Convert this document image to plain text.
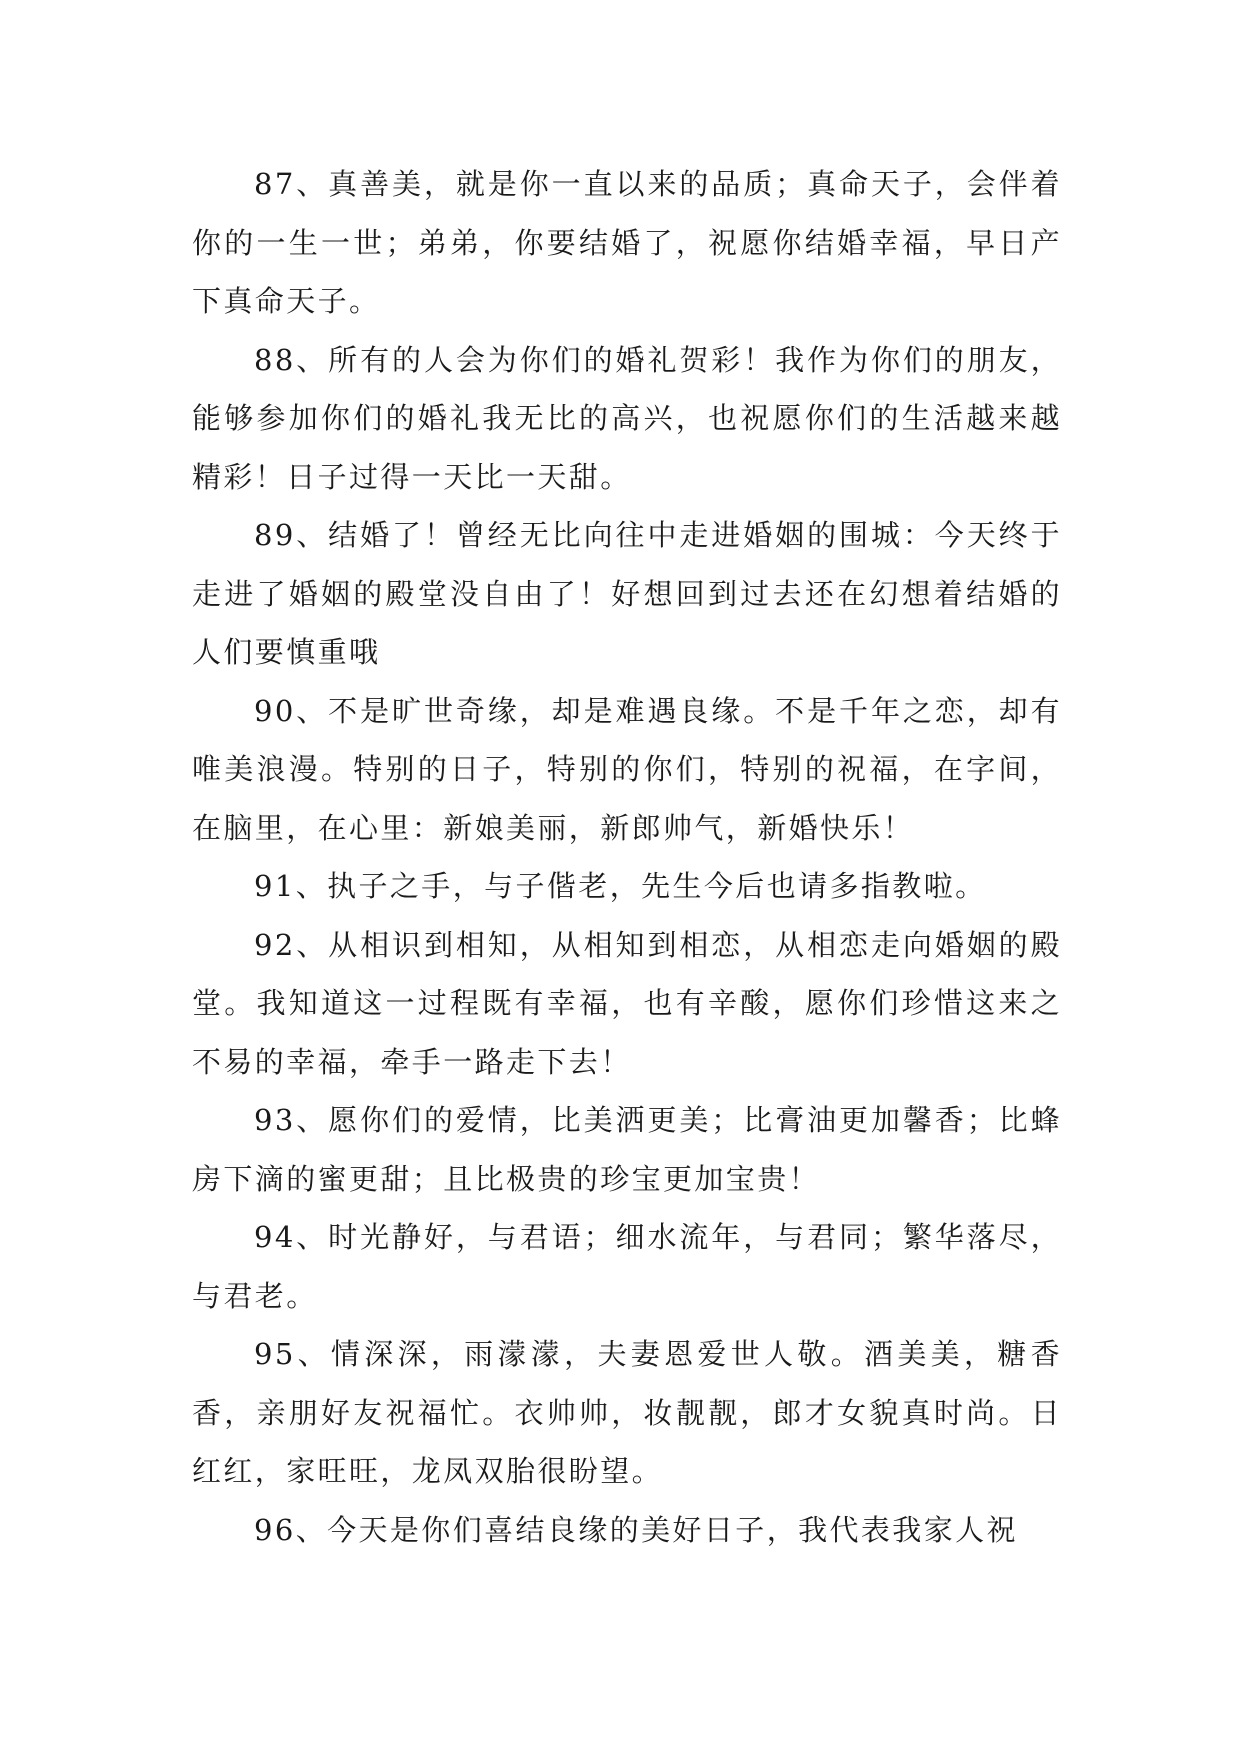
87、真善美，就是你一直以来的品质；真命天子，会伴着你的一生一世；弟弟，你要结婚了，祝愿你结婚幸福，早日产下真命天子。

88、所有的人会为你们的婚礼贺彩！我作为你们的朋友，能够参加你们的婚礼我无比的高兴，也祝愿你们的生活越来越精彩！日子过得一天比一天甜。

89、结婚了！曾经无比向往中走进婚姻的围城：今天终于走进了婚姻的殿堂没自由了！好想回到过去还在幻想着结婚的人们要慎重哦

90、不是旷世奇缘，却是难遇良缘。不是千年之恋，却有唯美浪漫。特别的日子，特别的你们，特别的祝福，在字间，在脑里，在心里：新娘美丽，新郎帅气，新婚快乐！

91、执子之手，与子偕老，先生今后也请多指教啦。

92、从相识到相知，从相知到相恋，从相恋走向婚姻的殿堂。我知道这一过程既有幸福，也有辛酸，愿你们珍惜这来之不易的幸福，牵手一路走下去！

93、愿你们的爱情，比美洒更美；比膏油更加馨香；比蜂房下滴的蜜更甜；且比极贵的珍宝更加宝贵！

94、时光静好，与君语；细水流年，与君同；繁华落尽，与君老。

95、情深深，雨濛濛，夫妻恩爱世人敬。酒美美，糖香香，亲朋好友祝福忙。衣帅帅，妆靓靓，郎才女貌真时尚。日红红，家旺旺，龙凤双胎很盼望。

96、今天是你们喜结良缘的美好日子，我代表我家人祝
